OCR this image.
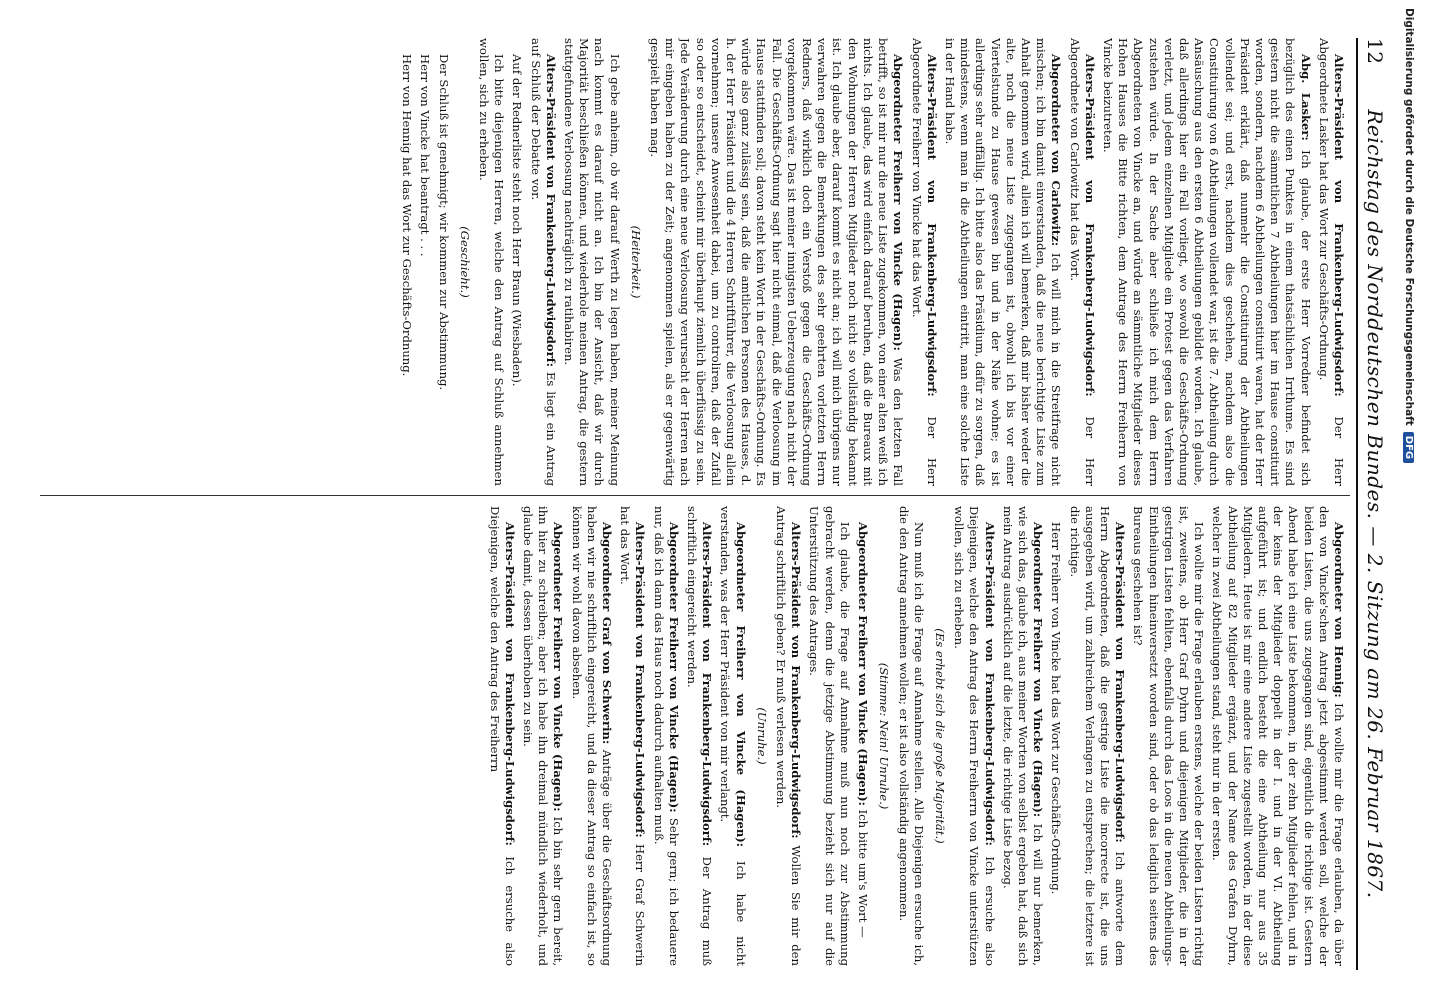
12
Reichstag des Norddeutschen Bundes. — 2. Sitzung am 26. Februar 1867.

Alters-Präsident von Frankenberg-Ludwigsdorf: Der Herr Abgeordnete Lasker hat das Wort zur Geschäfts-Ordnung.

Abg. Lasker: Ich glaube, der erste Herr Vorredner befindet sich bezüglich des einen Punktes in einem thatsächlichen Irrthume. Es sind gestern nicht die sämmtlichen 7 Abtheilungen hier im Hause constituirt worden, sondern, nachdem 6 Abtheilungen constituirt waren, hat der Herr Präsident erklärt, daß nunmehr die Constituirung der Abtheilungen vollendet sei; und erst, nachdem dies geschehen, nachdem also die Constituirung von 6 Abtheilungen vollendet war, ist die 7. Abtheilung durch Ansäuschung aus den ersten 6 Abtheilungen gebildet worden. Ich glaube, daß allerdings hier ein Fall vorliegt, wo sowohl die Geschäfts-Ordnung verletzt, und jedem einzelnen Mitgliede ein Protest gegen das Verfahren zustehen würde. In der Sache aber schließe ich mich dem Herrn Abgeordneten von Vincke an, und würde an sämmtliche Mitglieder dieses Hohen Hauses die Bitte richten, dem Antrage des Herrn Freiherrn von Vincke beizutreten.

Alters-Präsident von Frankenberg-Ludwigsdorf: Der Herr Abgeordnete von Carlowitz hat das Wort.

Abgeordneter von Carlowitz: Ich will mich in die Streitfrage nicht mischen; ich bin damit einverstanden, daß die neue berichtigte Liste zum Anhalt genommen wird, allein ich will bemerken, daß mir bisher weder die alte, noch die neue Liste zugegangen ist, obwohl ich bis vor einer Viertelstunde zu Hause gewesen bin und in der Nähe wohne; es ist allerdings sehr auffällig. Ich bitte also das Präsidium, dafür zu sorgen, daß mindestens, wenn man in die Abtheilungen eintritt, man eine solche Liste in der Hand habe.

Alters-Präsident von Frankenberg-Ludwigsdorf: Der Herr Abgeordnete Freiherr von Vincke hat das Wort.

Abgeordneter Freiherr von Vincke (Hagen): Was den letzten Fall betrifft, so ist mir nur die neue Liste zugekommen, von einer alten weiß ich nichts. Ich glaube, das wird einfach darauf beruhen, daß die Bureaux mit den Wohnungen der Herren Mitglieder noch nicht so vollständig bekannt ist. Ich glaube aber, darauf kommt es nicht an; ich will mich übrigens nur verwahren gegen die Bemerkungen des sehr geehrten vorletzten Herrn Redners, daß wirklich doch ein Verstoß gegen die Geschäfts-Ordnung vorgekommen wäre. Das ist meiner innigsten Ueberzeugung nach nicht der Fall. Die Geschäfts-Ordnung sagt hier nicht einmal, daß die Verloosung im Hause stattfinden soll; davon steht kein Wort in der Geschäfts-Ordnung. Es würde also ganz zulässig sein, daß die amtlichen Personen des Hauses, d. h. der Herr Präsident und die 4 Herren Schriftführer, die Verloosung allein vornehmen; unsere Anwesenheit dabei, um zu controliren, daß der Zufall so oder so entscheidet, scheint mir überhaupt ziemlich überflüssig zu sein. Jede Veränderung durch eine neue Verloosung verursacht der Herren nach mir eingeben haben zu der Zeit; angenommen spielen, als er gegenwärtig gespielt haben mag.

(Heiterkeit.)

Ich gebe anheim, ob wir darauf Werth zu legen haben, meiner Meinung nach kommt es darauf nicht an. Ich bin der Ansicht, daß wir durch Majorität beschließen können, und wiederhole meinen Antrag, die gestern stattgefundene Verloosung nachträglich zu ratihabiren.

Alters-Präsident von Frankenberg-Ludwigsdorf: Es liegt ein Antrag auf Schluß der Debatte vor.

Auf der Rednerliste steht noch Herr Braun (Wiesbaden).

Ich bitte diejenigen Herren, welche den Antrag auf Schluß annehmen wollen, sich zu erheben.

(Geschieht.)

Der Schluß ist genehmigt; wir kommen zur Abstimmung.

Herr von Vincke hat beantragt . . .

Herr von Hennig hat das Wort zur Geschäfts-Ordnung.

Abgeordneter von Hennig: Ich wollte mir die Frage erlauben, da über den von Vincke'schen Antrag jetzt abgestimmt werden soll, welche der beiden Listen, die uns zugegangen sind, eigentlich die richtige ist. Gestern Abend habe ich eine Liste bekommen, in der zehn Mitglieder fehlen, und in der keins der Mitglieder doppelt in der I. und in der VI. Abtheilung aufgeführt ist; und endlich besteht die eine Abtheilung nur aus 35 Mitgliedern. Heute ist mir eine andere Liste zugestellt worden, in der diese Abtheilung auf 82 Mitglieder ergänzt, und der Name des Grafen Dyhrn, welcher in zwei Abtheilungen stand, steht nur in der ersten.

Ich wollte mir die Frage erlauben erstens, welche der beiden Listen richtig ist, zweitens, ob Herr Graf Dyhrn und diejenigen Mitglieder, die in der gestrigen Listen fehlten, ebenfalls durch das Loos in die neuen Abtheilungs-Eintheilungen hineinversetzt worden sind, oder ob das lediglich seitens des Bureaus geschehen ist?

Alters-Präsident von Frankenberg-Ludwigsdorf: Ich antworte dem Herrn Abgeordneten, daß die gestrige Liste die incorrecte ist, die uns ausgegeben wird, um zahlreichem Verlangen zu entsprechen; die letztere ist die richtige.

Herr Freiherr von Vincke hat das Wort zur Geschäfts-Ordnung.

Abgeordneter Freiherr von Vincke (Hagen): Ich will nur bemerken, wie sich das, glaube ich, aus meiner Worten von selbst ergeben hat, daß sich mein Antrag ausdrücklich auf die letzte, die richtige Liste bezog.

Alters-Präsident von Frankenberg-Ludwigsdorf: Ich ersuche also Diejenigen, welche den Antrag des Herrn Freiherrn von Vincke unterstützen wollen, sich zu erheben.

(Es erhebt sich die große Majorität.)

Nun muß ich die Frage auf Annahme stellen. Alle Diejenigen ersuche ich, die den Antrag annehmen wollen; er ist also vollständig angenommen.

(Stimme: Nein! Unruhe.)

Abgeordneter Freiherr von Vincke (Hagen): Ich bitte um's Wort —

Ich glaube, die Frage auf Annahme muß nun noch zur Abstimmung gebracht werden, denn die jetzige Abstimmung bezieht sich nur auf die Unterstützung des Antrages.

Alters-Präsident von Frankenberg-Ludwigsdorf: Wollen Sie mir den Antrag schriftlich geben? Er muß verlesen werden.

(Unruhe.)

Abgeordneter Freiherr von Vincke (Hagen): Ich habe nicht verstanden, was der Herr Präsident von mir verlangt.

Alters-Präsident von Frankenberg-Ludwigsdorf: Der Antrag muß schriftlich eingereicht werden.

Abgeordneter Freiherr von Vincke (Hagen): Sehr gern; ich bedauere nur, daß ich dann das Haus noch dadurch aufhalten muß.

Alters-Präsident von Frankenberg-Ludwigsdorf: Herr Graf Schwerin hat das Wort.

Abgeordneter Graf von Schwerin: Anträge über die Geschäftsordnung haben wir nie schriftlich eingereicht, und da dieser Antrag so einfach ist, so können wir wohl davon absehen.

Abgeordneter Freiherr von Vincke (Hagen): Ich bin sehr gern bereit, ihn hier zu schreiben; aber ich habe ihn dreimal mündlich wiederholt, und glaube damit, dessen überhoben zu sein.

Alters-Präsident von Frankenberg-Ludwigsdorf: Ich ersuche also Diejenigen, welche den Antrag des Freiherrn

Digitalisierung gefördert durch die Deutsche Forschungsgemeinschaft
DFG
